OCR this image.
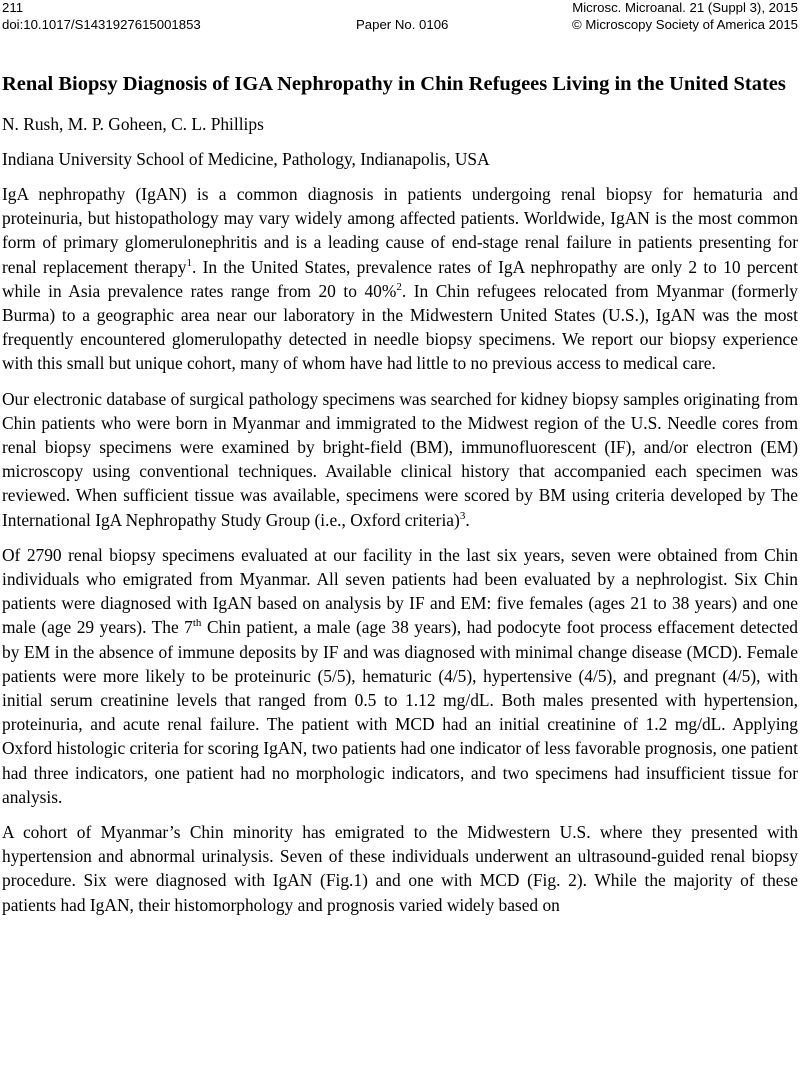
211
doi:10.1017/S1431927615001853	Paper No. 0106
Microsc. Microanal. 21 (Suppl 3), 2015
© Microscopy Society of America 2015
Renal Biopsy Diagnosis of IGA Nephropathy in Chin Refugees Living in the United States
N. Rush, M. P. Goheen, C. L. Phillips
Indiana University School of Medicine, Pathology, Indianapolis, USA

IgA nephropathy (IgAN) is a common diagnosis in patients undergoing renal biopsy for hematuria and proteinuria, but histopathology may vary widely among affected patients. Worldwide, IgAN is the most common form of primary glomerulonephritis and is a leading cause of end-stage renal failure in patients presenting for renal replacement therapy$^1$. In the United States, prevalence rates of IgA nephropathy are only 2 to 10 percent while in Asia prevalence rates range from 20 to 40%$^2$. In Chin refugees relocated from Myanmar (formerly Burma) to a geographic area near our laboratory in the Midwestern United States (U.S.), IgAN was the most frequently encountered glomerulopathy detected in needle biopsy specimens. We report our biopsy experience with this small but unique cohort, many of whom have had little to no previous access to medical care.

Our electronic database of surgical pathology specimens was searched for kidney biopsy samples originating from Chin patients who were born in Myanmar and immigrated to the Midwest region of the U.S. Needle cores from renal biopsy specimens were examined by bright-field (BM), immunofluorescent (IF), and/or electron (EM) microscopy using conventional techniques. Available clinical history that accompanied each specimen was reviewed. When sufficient tissue was available, specimens were scored by BM using criteria developed by The International IgA Nephropathy Study Group (i.e., Oxford criteria)$^3$.

Of 2790 renal biopsy specimens evaluated at our facility in the last six years, seven were obtained from Chin individuals who emigrated from Myanmar. All seven patients had been evaluated by a nephrologist. Six Chin patients were diagnosed with IgAN based on analysis by IF and EM: five females (ages 21 to 38 years) and one male (age 29 years). The 7th Chin patient, a male (age 38 years), had podocyte foot process effacement detected by EM in the absence of immune deposits by IF and was diagnosed with minimal change disease (MCD). Female patients were more likely to be proteinuric (5/5), hematuric (4/5), hypertensive (4/5), and pregnant (4/5), with initial serum creatinine levels that ranged from 0.5 to 1.12 mg/dL. Both males presented with hypertension, proteinuria, and acute renal failure. The patient with MCD had an initial creatinine of 1.2 mg/dL. Applying Oxford histologic criteria for scoring IgAN, two patients had one indicator of less favorable prognosis, one patient had three indicators, one patient had no morphologic indicators, and two specimens had insufficient tissue for analysis.

A cohort of Myanmar’s Chin minority has emigrated to the Midwestern U.S. where they presented with hypertension and abnormal urinalysis. Seven of these individuals underwent an ultrasound-guided renal biopsy procedure. Six were diagnosed with IgAN (Fig.1) and one with MCD (Fig. 2). While the majority of these patients had IgAN, their histomorphology and prognosis varied widely based on
